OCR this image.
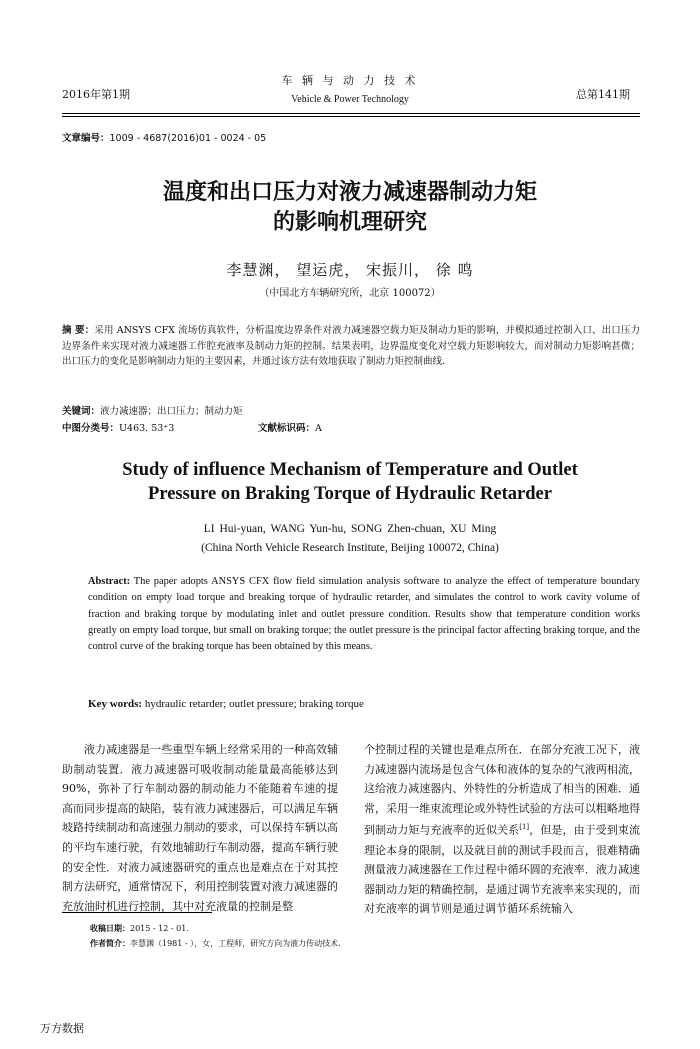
2016年第1期
车 辆 与 动 力 技 术
Vehicle & Power Technology	总第141期
文章编号：1009 - 4687(2016)01 - 0024 - 05
温度和出口压力对液力减速器制动力矩
的影响机理研究
李慧渊， 望运虎， 宋振川， 徐 鸣
（中国北方车辆研究所，北京 100072）
摘 要：采用 ANSYS CFX 流场仿真软件，分析温度边界条件对液力减速器空载力矩及制动力矩的影响，并模拟通过控制入口、出口压力边界条件来实现对液力减速器工作腔充液率及制动力矩的控制。结果表明，边界温度变化对空载力矩影响较大，而对制动力矩影响甚微；出口压力的变化是影响制动力矩的主要因素，并通过该方法有效地获取了制动力矩控制曲线.
关键词：液力减速器；出口压力；制动力矩
中图分类号：U463. 53⁺3	文献标识码：A
Study of influence Mechanism of Temperature and Outlet
Pressure on Braking Torque of Hydraulic Retarder
LI Hui-yuan, WANG Yun-hu, SONG Zhen-chuan, XU Ming
(China North Vehicle Research Institute, Beijing 100072, China)
Abstract: The paper adopts ANSYS CFX flow field simulation analysis software to analyze the effect of temperature boundary condition on empty load torque and breaking torque of hydraulic retarder, and simulates the control to work cavity volume of fraction and braking torque by modulating inlet and outlet pressure condition. Results show that temperature condition works greatly on empty load torque, but small on braking torque; the outlet pressure is the principal factor affecting braking torque, and the control curve of the braking torque has been obtained by this means.
Key words: hydraulic retarder; outlet pressure; braking torque
液力减速器是一些重型车辆上经常采用的一种高效辅助制动装置．液力减速器可吸收制动能量最高能够达到90%，弥补了行车制动器的制动能力不能随着车速的提高而同步提高的缺陷，装有液力减速器后，可以满足车辆坡路持续制动和高速强力制动的要求，可以保持车辆以高的平均车速行驶，有效地辅助行车制动器，提高车辆行驶的安全性．对液力减速器研究的重点也是难点在于对其控制方法研究，通常情况下，利用控制装置对液力减速器的充放油时机进行控制，其中对充液量的控制是整
个控制过程的关键也是难点所在．在部分充液工况下，液力减速器内流场是包含气体和液体的复杂的气液两相流，这给液力减速器内、外特性的分析造成了相当的困难．通常，采用一维束流理论或外特性试验的方法可以粗略地得到制动力矩与充液率的近似关系[1]，但是，由于受到束流理论本身的限制，以及就目前的测试手段而言，很难精确测量液力减速器在工作过程中循环圆的充液率．液力减速器制动力矩的精确控制，是通过调节充液率来实现的，而对充液率的调节则是通过调节循环系统输入
收稿日期：2015 - 12 - 01.
作者简介：李慧渊（1981 - ），女，工程师，研究方向为液力传动技术.
万方数据
